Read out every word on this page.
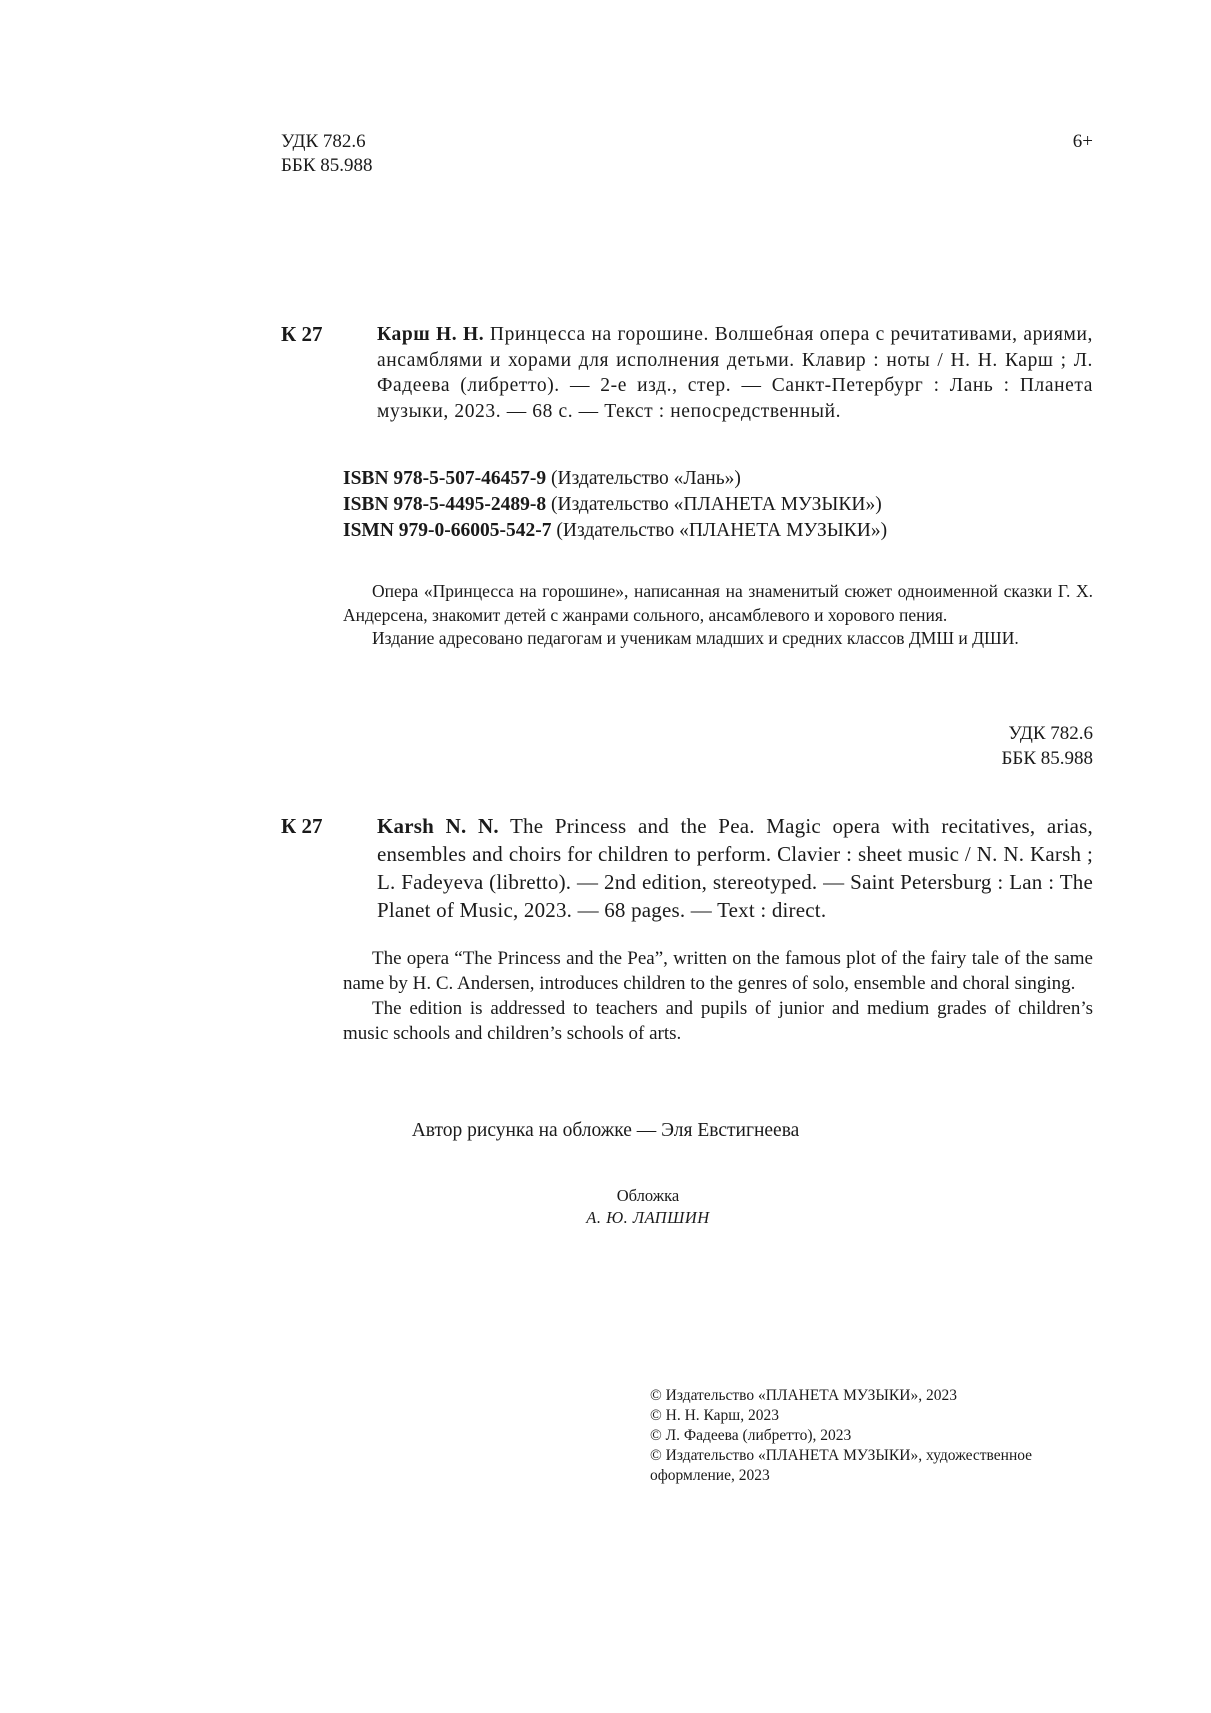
УДК 782.6
ББК 85.988
6+
К 27	Карш Н. Н. Принцесса на горошине. Волшебная опера с речитативами, ариями, ансамблями и хорами для исполнения детьми. Клавир : ноты / Н. Н. Карш ; Л. Фадеева (либретто). — 2-е изд., стер. — Санкт-Петербург : Лань : Планета музыки, 2023. — 68 с. — Текст : непосредственный.
ISBN 978-5-507-46457-9 (Издательство «Лань»)
ISBN 978-5-4495-2489-8 (Издательство «ПЛАНЕТА МУЗЫКИ»)
ISMN 979-0-66005-542-7 (Издательство «ПЛАНЕТА МУЗЫКИ»)

Опера «Принцесса на горошине», написанная на знаменитый сюжет одноименной сказки Г. Х. Андерсена, знакомит детей с жанрами сольного, ансамблевого и хорового пения.

Издание адресовано педагогам и ученикам младших и средних классов ДМШ и ДШИ.

УДК 782.6
ББК 85.988
К 27	Karsh N. N. The Princess and the Pea. Magic opera with recitatives, arias, ensembles and choirs for children to perform. Clavier : sheet music / N. N. Karsh ; L. Fadeyeva (libretto). — 2nd edition, stereotyped. — Saint Petersburg : Lan : The Planet of Music, 2023. — 68 pages. — Text : direct.

The opera “The Princess and the Pea”, written on the famous plot of the fairy tale of the same name by H. C. Andersen, introduces children to the genres of solo, ensemble and choral singing.

The edition is addressed to teachers and pupils of junior and medium grades of children’s music schools and children’s schools of arts.

Автор рисунка на обложке — Эля Евстигнеева
Обложка
А. Ю. ЛАПШИН
© Издательство «ПЛАНЕТА МУЗЫКИ», 2023
© Н. Н. Карш, 2023
© Л. Фадеева (либретто), 2023
© Издательство «ПЛАНЕТА МУЗЫКИ», художественное оформление, 2023
